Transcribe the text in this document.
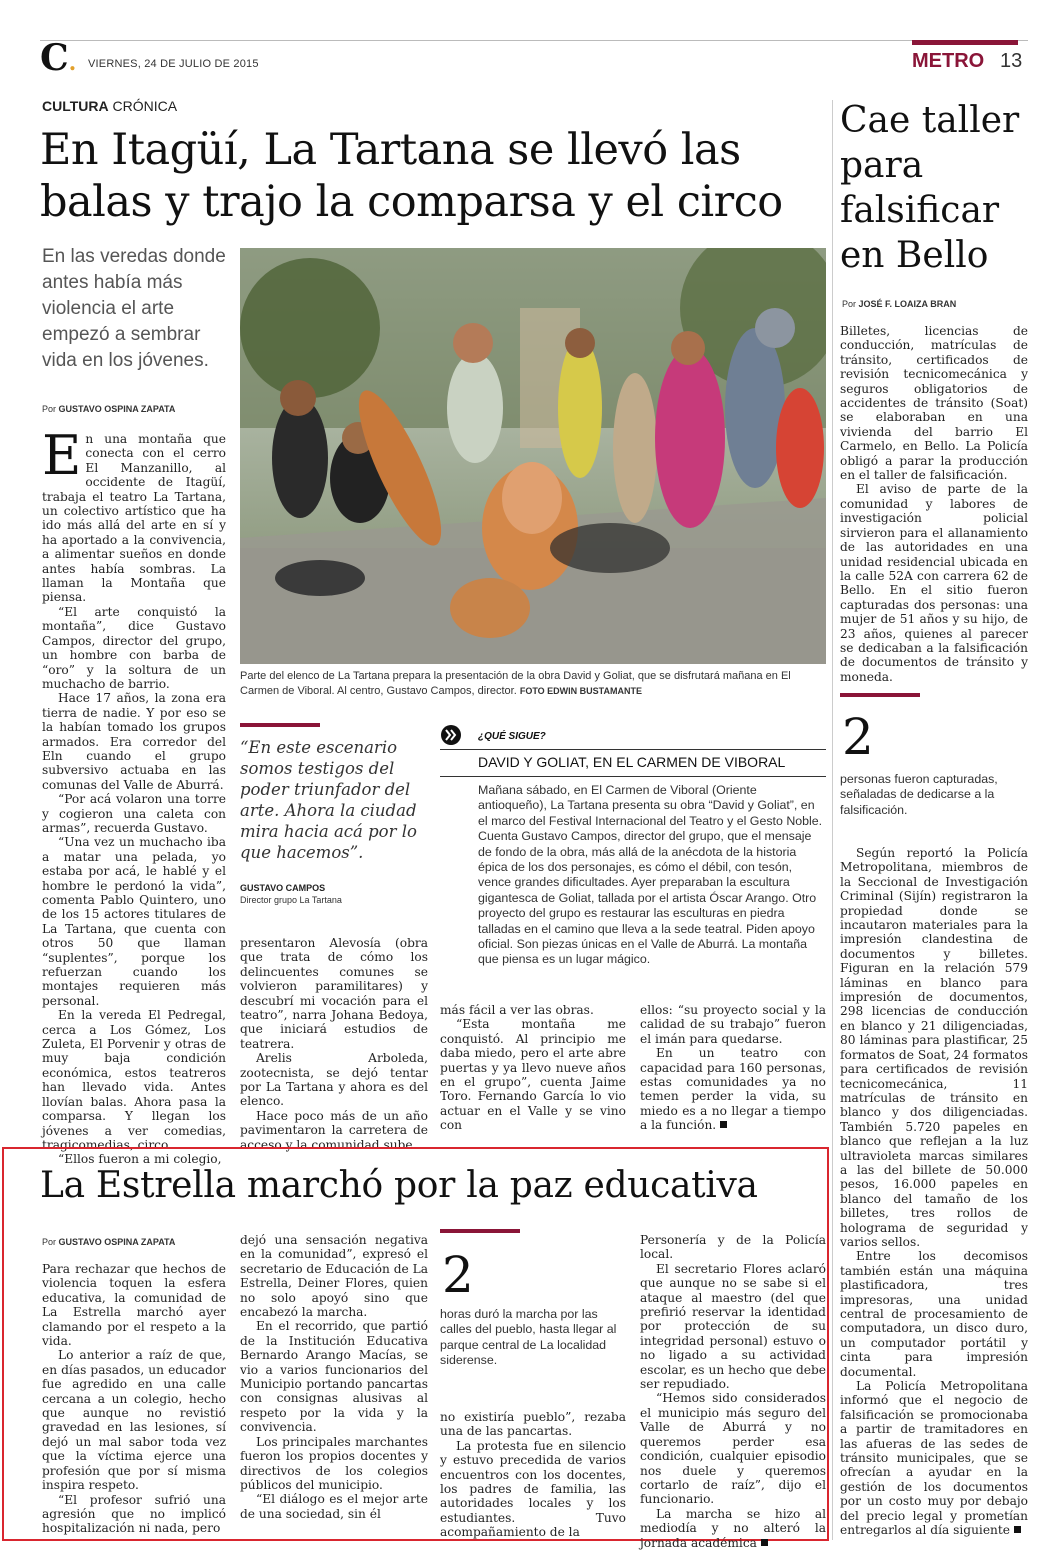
C. VIERNES, 24 DE JULIO DE 2015	METRO 13
CULTURA CRÓNICA
En Itagüí, La Tartana se llevó las balas y trajo la comparsa y el circo
En las veredas donde antes había más violencia el arte empezó a sembrar vida en los jóvenes.
Por GUSTAVO OSPINA ZAPATA

En una montaña que conecta con el cerro El Manzanillo, al occidente de Itagüí, trabaja el teatro La Tartana, un colectivo artístico que ha ido más allá del arte en sí y ha aportado a la convivencia, a alimentar sueños en donde antes había sombras. La llaman la Montaña que piensa.

“El arte conquistó la montaña”, dice Gustavo Campos, director del grupo, un hombre con barba de “oro” y la soltura de un muchacho de barrio.

Hace 17 años, la zona era tierra de nadie. Y por eso se la habían tomado los grupos armados. Era corredor del Eln cuando el grupo subversivo actuaba en las comunas del Valle de Aburrá.

“Por acá volaron una torre y cogieron una caleta con armas”, recuerda Gustavo.

“Una vez un muchacho iba a matar una pelada, yo estaba por acá, le hablé y el hombre le perdonó la vida”, comenta Pablo Quintero, uno de los 15 actores titulares de La Tartana, que cuenta con otros 50 que llaman “suplentes”, porque los refuerzan cuando los montajes requieren más personal.

En la vereda El Pedregal, cerca a Los Gómez, Los Zuleta, El Porvenir y otras de muy baja condición económica, estos teatreros han llevado vida. Antes llovían balas. Ahora pasa la comparsa. Y llegan los jóvenes a ver comedias, tragicomedias, circo.

“Ellos fueron a mi colegio,

Parte del elenco de La Tartana prepara la presentación de la obra David y Goliat, que se disfrutará mañana en El Carmen de Viboral. Al centro, Gustavo Campos, director. FOTO EDWIN BUSTAMANTE
“En este escenario somos testigos del poder triunfador del arte. Ahora la ciudad mira hacia acá por lo que hacemos”.
GUSTAVO CAMPOS
Director grupo La Tartana
¿QUÉ SIGUE?
DAVID Y GOLIAT, EN EL CARMEN DE VIBORAL
Mañana sábado, en El Carmen de Viboral (Oriente antioqueño), La Tartana presenta su obra “David y Goliat”, en el marco del Festival Internacional del Teatro y el Gesto Noble. Cuenta Gustavo Campos, director del grupo, que el mensaje de fondo de la obra, más allá de la anécdota de la historia épica de los dos personajes, es cómo el débil, con tesón, vence grandes dificultades. Ayer preparaban la escultura gigantesca de Goliat, tallada por el artista Óscar Arango. Otro proyecto del grupo es restaurar las esculturas en piedra talladas en el camino que lleva a la sede teatral. Piden apoyo oficial. Son piezas únicas en el Valle de Aburrá. La montaña que piensa es un lugar mágico.

presentaron Alevosía (obra que trata de cómo los delincuentes comunes se volvieron paramilitares) y descubrí mi vocación para el teatro”, narra Johana Bedoya, que iniciará estudios de teatrera.

Arelis Arboleda, zootecnista, se dejó tentar por La Tartana y ahora es del elenco.

Hace poco más de un año pavimentaron la carretera de acceso y la comunidad sube

más fácil a ver las obras.

“Esta montaña me conquistó. Al principio me daba miedo, pero el arte abre puertas y ya llevo nueve años en el grupo”, cuenta Jaime Toro. Fernando García lo vio actuar en el Valle y se vino con

ellos: “su proyecto social y la calidad de su trabajo” fueron el imán para quedarse.

En un teatro con capacidad para 160 personas, estas comunidades ya no temen perder la vida, su miedo es a no llegar a tiempo a la función.

Cae taller para falsificar en Bello
Por JOSÉ F. LOAIZA BRAN

Billetes, licencias de conducción, matrículas de tránsito, certificados de revisión tecnicomecánica y seguros obligatorios de accidentes de tránsito (Soat) se elaboraban en una vivienda del barrio El Carmelo, en Bello. La Policía obligó a parar la producción en el taller de falsificación.

El aviso de parte de la comunidad y labores de investigación policial sirvieron para el allanamiento de las autoridades en una unidad residencial ubicada en la calle 52A con carrera 62 de Bello. En el sitio fueron capturadas dos personas: una mujer de 51 años y su hijo, de 23 años, quienes al parecer se dedicaban a la falsificación de documentos de tránsito y moneda.

2
personas fueron capturadas, señaladas de dedicarse a la falsificación.

Según reportó la Policía Metropolitana, miembros de la Seccional de Investigación Criminal (Sijín) registraron la propiedad donde se incautaron materiales para la impresión clandestina de documentos y billetes. Figuran en la relación 579 láminas en blanco para impresión de documentos, 298 licencias de conducción en blanco y 21 diligenciadas, 80 láminas para plastificar, 25 formatos de Soat, 24 formatos para certificados de revisión tecnicomecánica, 11 matrículas de tránsito en blanco y dos diligenciadas. También 5.720 papeles en blanco que reflejan a la luz ultravioleta marcas similares a las del billete de 50.000 pesos, 16.000 papeles en blanco del tamaño de los billetes, tres rollos de holograma de seguridad y varios sellos.

Entre los decomisos también están una máquina plastificadora, tres impresoras, una unidad central de procesamiento de computadora, un disco duro, un computador portátil y cinta para impresión documental.

La Policía Metropolitana informó que el negocio de falsificación se promocionaba a partir de tramitadores en las afueras de las sedes de tránsito municipales, que se ofrecían a ayudar en la gestión de los documentos por un costo muy por debajo del precio legal y prometían entregarlos al día siguiente

La Estrella marchó por la paz educativa
Por GUSTAVO OSPINA ZAPATA

Para rechazar que hechos de violencia toquen la esfera educativa, la comunidad de La Estrella marchó ayer clamando por el respeto a la vida.

Lo anterior a raíz de que, en días pasados, un educador fue agredido en una calle cercana a un colegio, hecho que aunque no revistió gravedad en las lesiones, sí dejó un mal sabor toda vez que la víctima ejerce una profesión que por sí misma inspira respeto.

“El profesor sufrió una agresión que no implicó hospitalización ni nada, pero

dejó una sensación negativa en la comunidad”, expresó el secretario de Educación de La Estrella, Deiner Flores, quien no solo apoyó sino que encabezó la marcha.

En el recorrido, que partió de la Institución Educativa Bernardo Arango Macías, se vio a varios funcionarios del Municipio portando pancartas con consignas alusivas al respeto por la vida y la convivencia.

Los principales marchantes fueron los propios docentes y directivos de los colegios públicos del municipio.

“El diálogo es el mejor arte de una sociedad, sin él

2
horas duró la marcha por las calles del pueblo, hasta llegar al parque central de La localidad siderense.

no existiría pueblo”, rezaba una de las pancartas.

La protesta fue en silencio y estuvo precedida de varios encuentros con los docentes, los padres de familia, las autoridades locales y los estudiantes. Tuvo acompañamiento de la

Personería y de la Policía local.

El secretario Flores aclaró que aunque no se sabe si el ataque al maestro (del que prefirió reservar la identidad por protección de su integridad personal) estuvo o no ligado a su actividad escolar, es un hecho que debe ser repudiado.

“Hemos sido considerados el municipio más seguro del Valle de Aburrá y no queremos perder esa condición, cualquier episodio nos duele y queremos cortarlo de raíz”, dijo el funcionario.

La marcha se hizo al mediodía y no alteró la jornada académica
